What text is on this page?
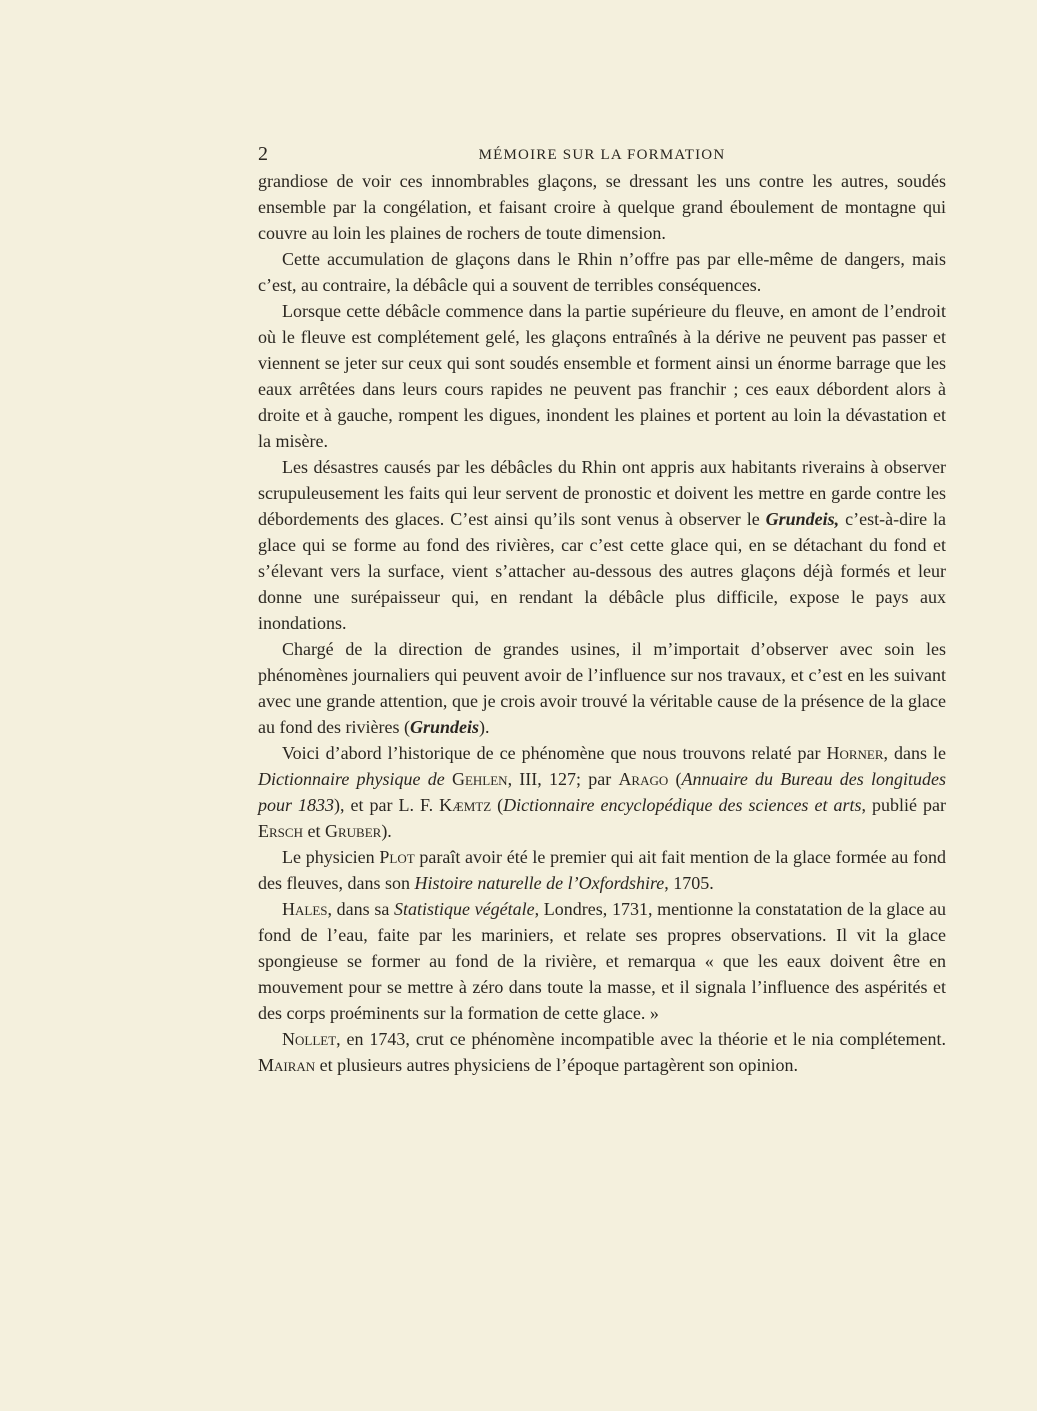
2	MÉMOIRE SUR LA FORMATION

grandiose de voir ces innombrables glaçons, se dressant les uns contre les autres, soudés ensemble par la congélation, et faisant croire à quelque grand éboulement de montagne qui couvre au loin les plaines de rochers de toute dimension.

Cette accumulation de glaçons dans le Rhin n’offre pas par elle-même de dangers, mais c’est, au contraire, la débâcle qui a souvent de terribles conséquences.

Lorsque cette débâcle commence dans la partie supérieure du fleuve, en amont de l’endroit où le fleuve est complétement gelé, les glaçons entraînés à la dérive ne peuvent pas passer et viennent se jeter sur ceux qui sont soudés ensemble et forment ainsi un énorme barrage que les eaux arrêtées dans leurs cours rapides ne peuvent pas franchir ; ces eaux débordent alors à droite et à gauche, rompent les digues, inondent les plaines et portent au loin la dévastation et la misère.

Les désastres causés par les débâcles du Rhin ont appris aux habitants riverains à observer scrupuleusement les faits qui leur servent de pronostic et doivent les mettre en garde contre les débordements des glaces. C’est ainsi qu’ils sont venus à observer le Grundeis, c’est-à-dire la glace qui se forme au fond des rivières, car c’est cette glace qui, en se détachant du fond et s’élevant vers la surface, vient s’attacher au-dessous des autres glaçons déjà formés et leur donne une surépaisseur qui, en rendant la débâcle plus difficile, expose le pays aux inondations.

Chargé de la direction de grandes usines, il m’importait d’observer avec soin les phénomènes journaliers qui peuvent avoir de l’influence sur nos travaux, et c’est en les suivant avec une grande attention, que je crois avoir trouvé la véritable cause de la présence de la glace au fond des rivières (Grundeis).

Voici d’abord l’historique de ce phénomène que nous trouvons relaté par Horner, dans le Dictionnaire physique de Gehlen, III, 127; par Arago (Annuaire du Bureau des longitudes pour 1833), et par L. F. Kæmtz (Dictionnaire encyclopédique des sciences et arts, publié par Ersch et Gruber).

Le physicien Plot paraît avoir été le premier qui ait fait mention de la glace formée au fond des fleuves, dans son Histoire naturelle de l’Oxfordshire, 1705.

Hales, dans sa Statistique végétale, Londres, 1731, mentionne la constatation de la glace au fond de l’eau, faite par les mariniers, et relate ses propres observations. Il vit la glace spongieuse se former au fond de la rivière, et remarqua « que les eaux doivent être en mouvement pour se mettre à zéro dans toute la masse, et il signala l’influence des aspérités et des corps proéminents sur la formation de cette glace. »

Nollet, en 1743, crut ce phénomène incompatible avec la théorie et le nia complétement. Mairan et plusieurs autres physiciens de l’époque partagèrent son opinion.
